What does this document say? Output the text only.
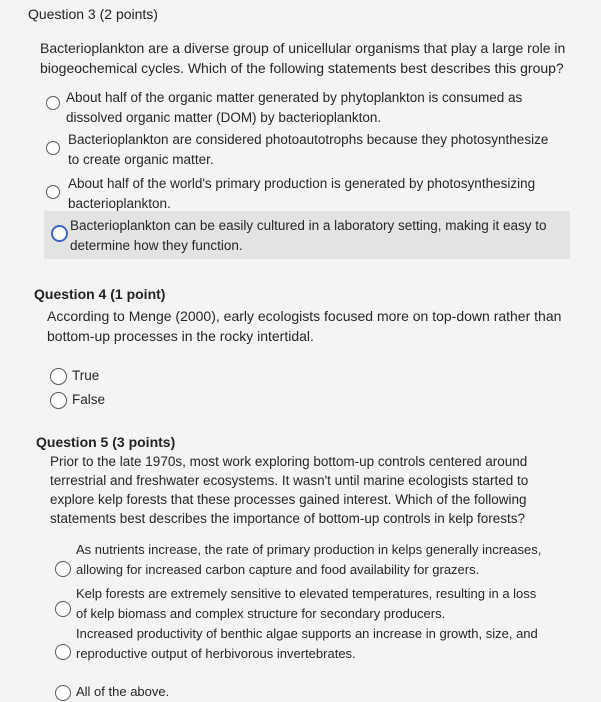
Question 3 (2 points)
Bacterioplankton are a diverse group of unicellular organisms that play a large role in biogeochemical cycles. Which of the following statements best describes this group?
About half of the organic matter generated by phytoplankton is consumed as
dissolved organic matter (DOM) by bacterioplankton.
Bacterioplankton are considered photoautotrophs because they photosynthesize
to create organic matter.
About half of the world's primary production is generated by photosynthesizing
bacterioplankton.
Bacterioplankton can be easily cultured in a laboratory setting, making it easy to
determine how they function.
Question 4 (1 point)
According to Menge (2000), early ecologists focused more on top-down rather than
bottom-up processes in the rocky intertidal.
True
False
Question 5 (3 points)
Prior to the late 1970s, most work exploring bottom-up controls centered around
terrestrial and freshwater ecosystems. It wasn't until marine ecologists started to
explore kelp forests that these processes gained interest. Which of the following
statements best describes the importance of bottom-up controls in kelp forests?
As nutrients increase, the rate of primary production in kelps generally increases,
allowing for increased carbon capture and food availability for grazers.
Kelp forests are extremely sensitive to elevated temperatures, resulting in a loss
of kelp biomass and complex structure for secondary producers.
Increased productivity of benthic algae supports an increase in growth, size, and
reproductive output of herbivorous invertebrates.
All of the above.
